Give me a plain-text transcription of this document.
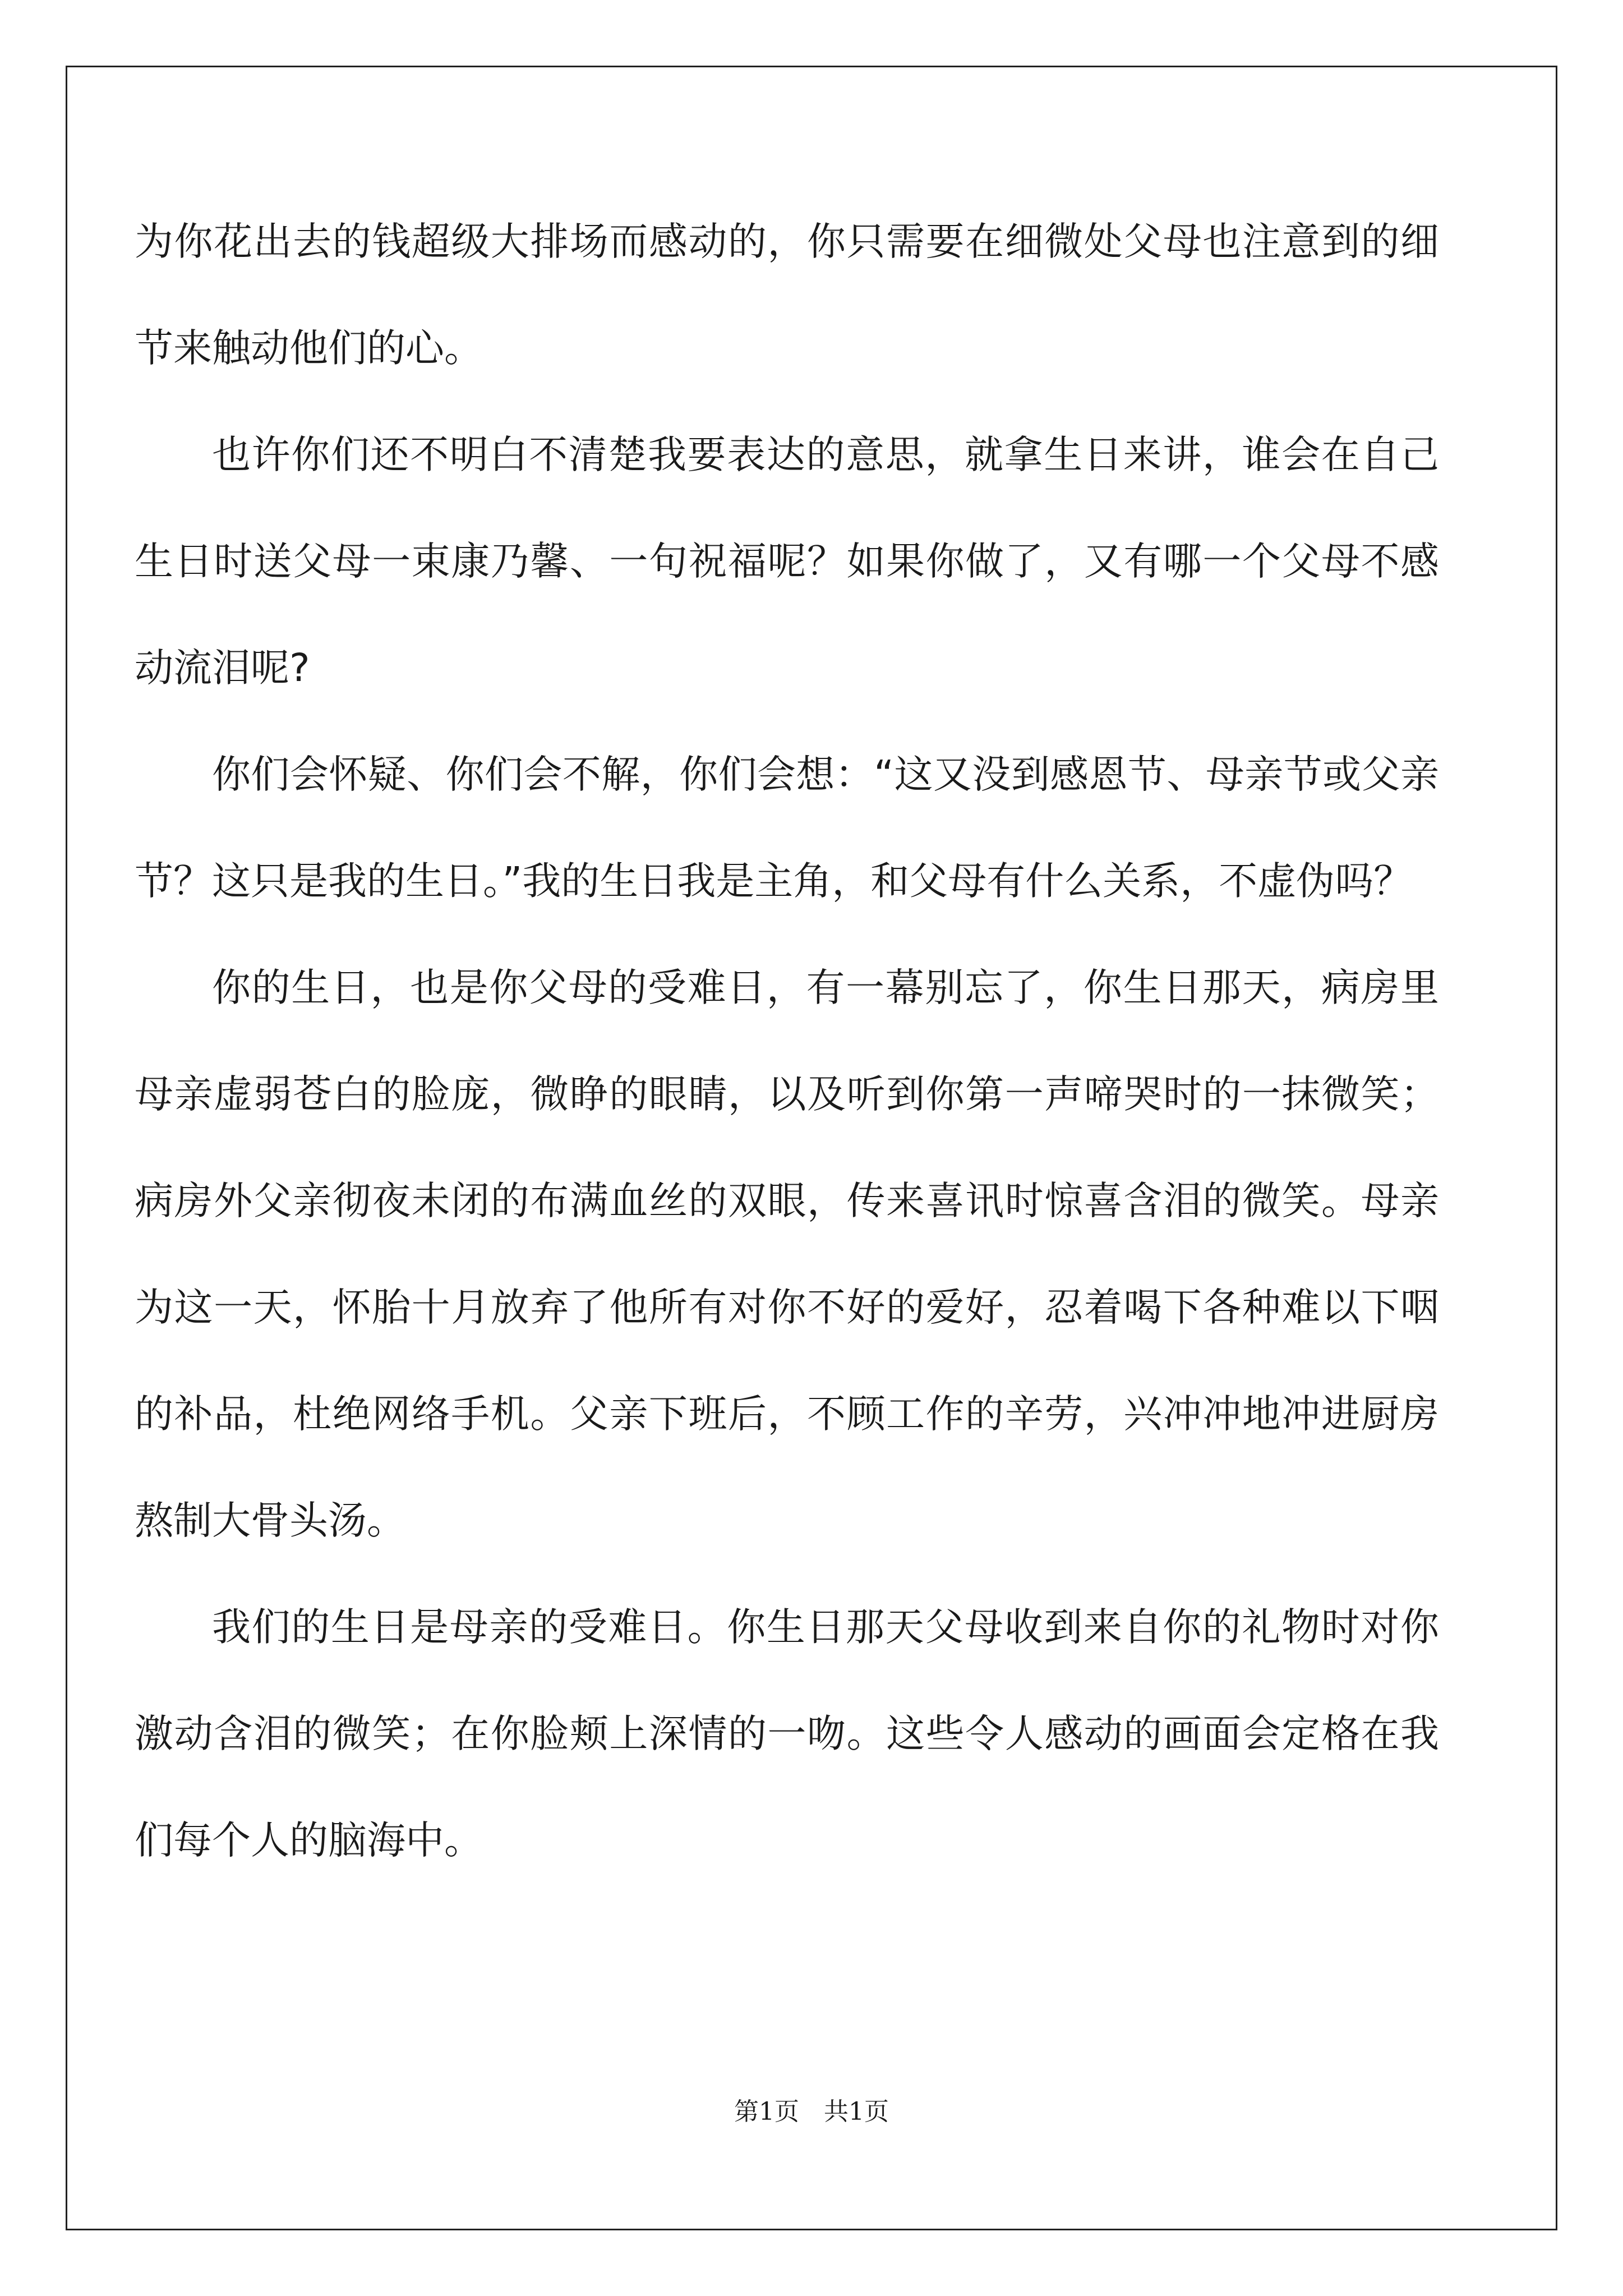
为你花出去的钱超级大排场而感动的，你只需要在细微处父母也注意到的细节来触动他们的心。

也许你们还不明白不清楚我要表达的意思，就拿生日来讲，谁会在自己生日时送父母一束康乃馨、一句祝福呢？如果你做了，又有哪一个父母不感动流泪呢?

你们会怀疑、你们会不解，你们会想：“这又没到感恩节、母亲节或父亲节？这只是我的生日。”我的生日我是主角，和父母有什么关系，不虚伪吗？

你的生日，也是你父母的受难日，有一幕别忘了，你生日那天，病房里母亲虚弱苍白的脸庞，微睁的眼睛，以及听到你第一声啼哭时的一抹微笑；病房外父亲彻夜未闭的布满血丝的双眼，传来喜讯时惊喜含泪的微笑。母亲为这一天，怀胎十月放弃了他所有对你不好的爱好，忍着喝下各种难以下咽的补品，杜绝网络手机。父亲下班后，不顾工作的辛劳，兴冲冲地冲进厨房熬制大骨头汤。

我们的生日是母亲的受难日。你生日那天父母收到来自你的礼物时对你激动含泪的微笑；在你脸颊上深情的一吻。这些令人感动的画面会定格在我们每个人的脑海中。

第1页 共1页
